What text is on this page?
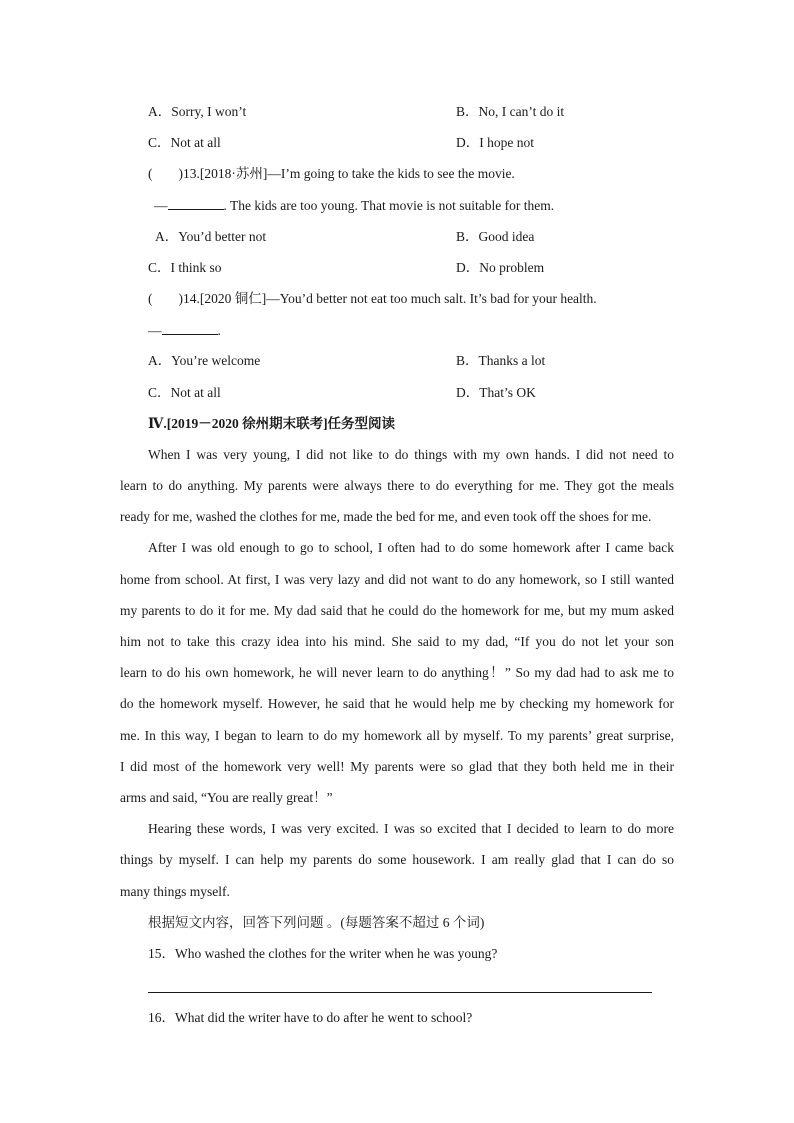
A．Sorry, I won’t	B．No, I can’t do it
C．Not at all	D．I hope not
( )13.[2018·苏州]—I’m going to take the kids to see the movie.
—	. The kids are too young. That movie is not suitable for them.
A．You’d better not	B．Good idea
C．I think so	D．No problem
( )14.[2020 铜仁]—You’d better not eat too much salt. It’s bad for your health.
—	.
A．You’re welcome	B．Thanks a lot
C．Not at all	D．That’s OK
Ⅳ.[2019－2020 徐州期末联考]任务型阅读
When I was very young, I did not like to do things with my own hands. I did not need to
learn to do anything. My parents were always there to do everything for me. They got the meals
ready for me, washed the clothes for me, made the bed for me, and even took off the shoes for me.
After I was old enough to go to school, I often had to do some homework after I came back
home from school. At first, I was very lazy and did not want to do any homework, so I still wanted
my parents to do it for me. My dad said that he could do the homework for me, but my mum asked
him not to take this crazy idea into his mind. She said to my dad, “If you do not let your son
learn to do his own homework, he will never learn to do anything！” So my dad had to ask me to
do the homework myself. However, he said that he would help me by checking my homework for
me. In this way, I began to learn to do my homework all by myself. To my parents’ great surprise,
I did most of the homework very well! My parents were so glad that they both held me in their
arms and said, “You are really great！”
Hearing these words, I was very excited. I was so excited that I decided to learn to do more
things by myself. I can help my parents do some housework. I am really glad that I can do so
many things myself.
根据短文内容，回答下列问题 。(每题答案不超过 6 个词)
15．Who washed the clothes for the writer when he was young?
16．What did the writer have to do after he went to school?
